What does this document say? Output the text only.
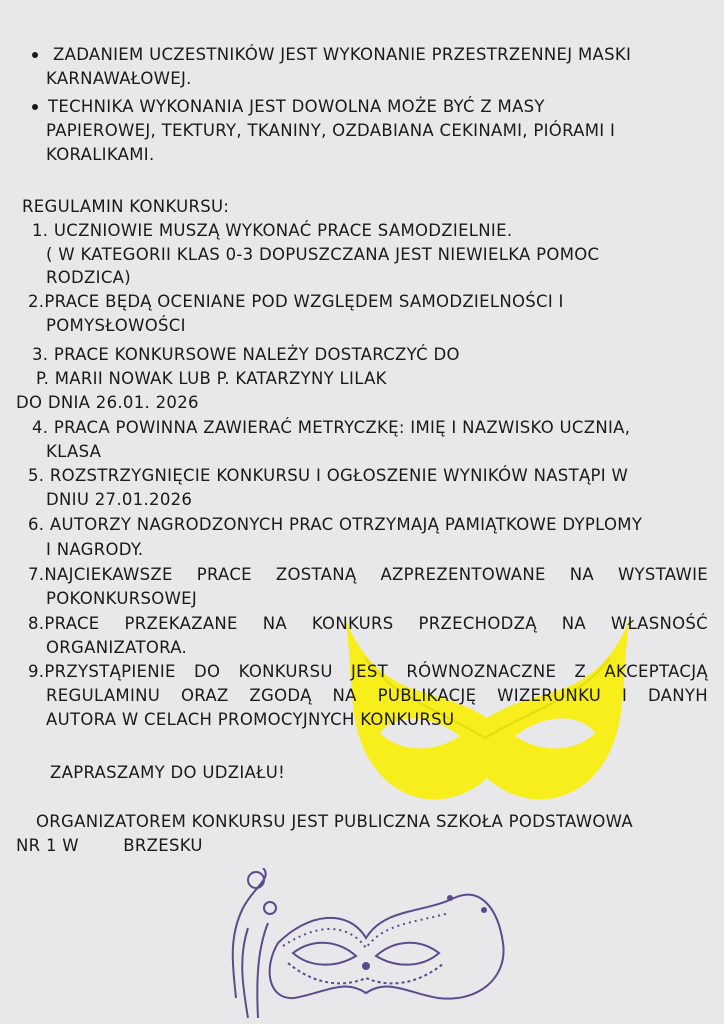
ZADANIEM UCZESTNIKÓW JEST WYKONANIE PRZESTRZENNEJ MASKI
KARNAWAŁOWEJ.
TECHNIKA WYKONANIA JEST DOWOLNA MOŻE BYĆ Z MASY
PAPIEROWEJ, TEKTURY, TKANINY, OZDABIANA CEKINAMI, PIÓRAMI I
KORALIKAMI.
REGULAMIN KONKURSU:
1. UCZNIOWIE MUSZĄ WYKONAĆ PRACE SAMODZIELNIE.
( W KATEGORII KLAS 0-3 DOPUSZCZANA JEST NIEWIELKA POMOC
RODZICA)
2.PRACE BĘDĄ OCENIANE POD WZGLĘDEM SAMODZIELNOŚCI I
POMYSŁOWOŚCI
3. PRACE KONKURSOWE NALEŻY DOSTARCZYĆ DO
P. MARII NOWAK LUB P. KATARZYNY LILAK
DO DNIA 26.01. 2026
4. PRACA POWINNA ZAWIERAĆ METRYCZKĘ: IMIĘ I NAZWISKO UCZNIA,
KLASA
5. ROZSTRZYGNIĘCIE KONKURSU I OGŁOSZENIE WYNIKÓW NASTĄPI W
DNIU 27.01.2026
6. AUTORZY NAGRODZONYCH PRAC OTRZYMAJĄ PAMIĄTKOWE DYPLOMY
I NAGRODY.
7.NAJCIEKAWSZE PRACE ZOSTANĄ AZPREZENTOWANE NA WYSTAWIE
POKONKURSOWEJ
8.PRACE PRZEKAZANE NA KONKURS PRZECHODZĄ NA WŁASNOŚĆ
ORGANIZATORA.
9.PRZYSTĄPIENIE DO KONKURSU JEST RÓWNOZNACZNE Z AKCEPTACJĄ
REGULAMINU ORAZ ZGODĄ NA PUBLIKACJĘ WIZERUNKU I DANYH
AUTORA W CELACH PROMOCYJNYCH KONKURSU
ZAPRASZAMY DO UDZIAŁU!
ORGANIZATOREM KONKURSU JEST PUBLICZNA SZKOŁA PODSTAWOWA
NR 1 W        BRZESKU
